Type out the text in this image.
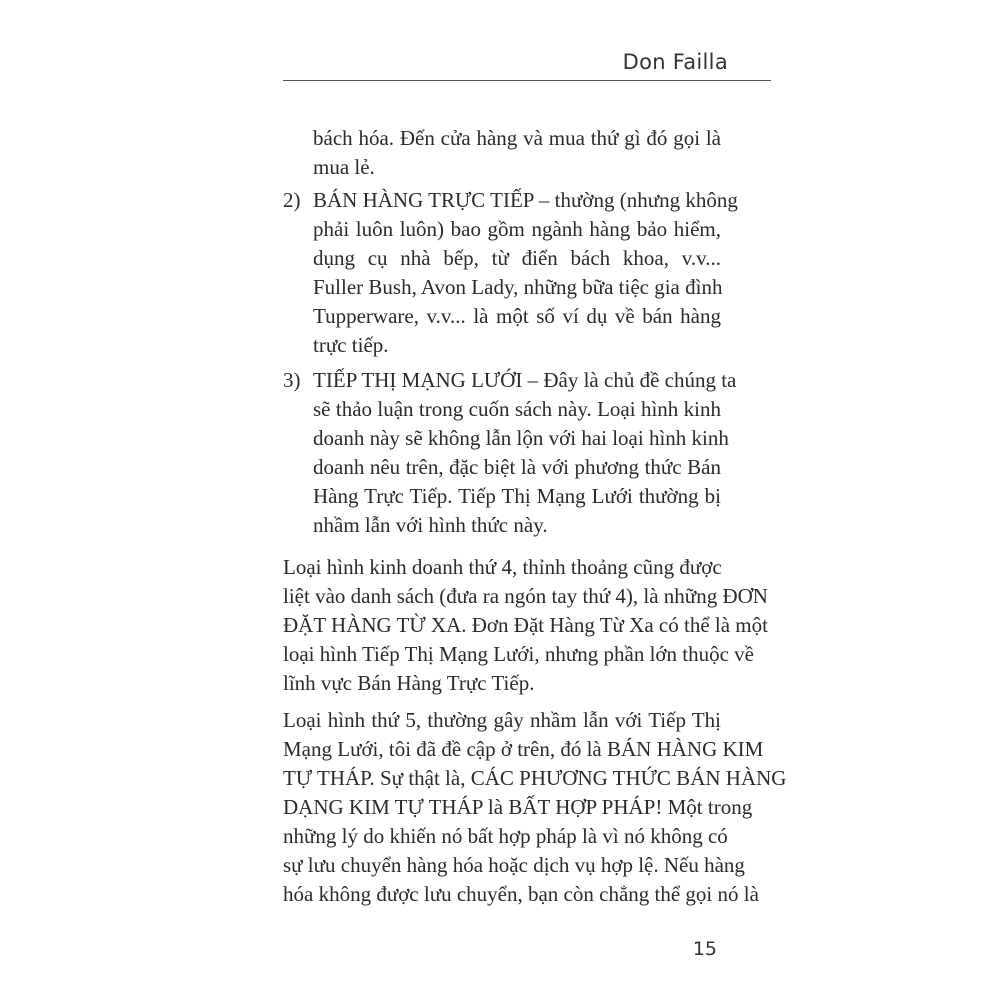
Don Failla
bách hóa. Đến cửa hàng và mua thứ gì đó gọi là
mua lẻ.
2) BÁN HÀNG TRỰC TIẾP – thường (nhưng không
phải luôn luôn) bao gồm ngành hàng bảo hiểm,
dụng cụ nhà bếp, từ điển bách khoa, v.v...
Fuller Bush, Avon Lady, những bữa tiệc gia đình
Tupperware, v.v... là một số ví dụ về bán hàng
trực tiếp.
3) TIẾP THỊ MẠNG LƯỚI – Đây là chủ đề chúng ta
sẽ thảo luận trong cuốn sách này. Loại hình kinh
doanh này sẽ không lẫn lộn với hai loại hình kinh
doanh nêu trên, đặc biệt là với phương thức Bán
Hàng Trực Tiếp. Tiếp Thị Mạng Lưới thường bị
nhầm lẫn với hình thức này.
Loại hình kinh doanh thứ 4, thỉnh thoảng cũng được
liệt vào danh sách (đưa ra ngón tay thứ 4), là những ĐƠN
ĐẶT HÀNG TỪ XA. Đơn Đặt Hàng Từ Xa có thể là một
loại hình Tiếp Thị Mạng Lưới, nhưng phần lớn thuộc về
lĩnh vực Bán Hàng Trực Tiếp.
Loại hình thứ 5, thường gây nhầm lẫn với Tiếp Thị
Mạng Lưới, tôi đã đề cập ở trên, đó là BÁN HÀNG KIM
TỰ THÁP. Sự thật là, CÁC PHƯƠNG THỨC BÁN HÀNG
DẠNG KIM TỰ THÁP là BẤT HỢP PHÁP! Một trong
những lý do khiến nó bất hợp pháp là vì nó không có
sự lưu chuyển hàng hóa hoặc dịch vụ hợp lệ. Nếu hàng
hóa không được lưu chuyển, bạn còn chẳng thể gọi nó là
15
